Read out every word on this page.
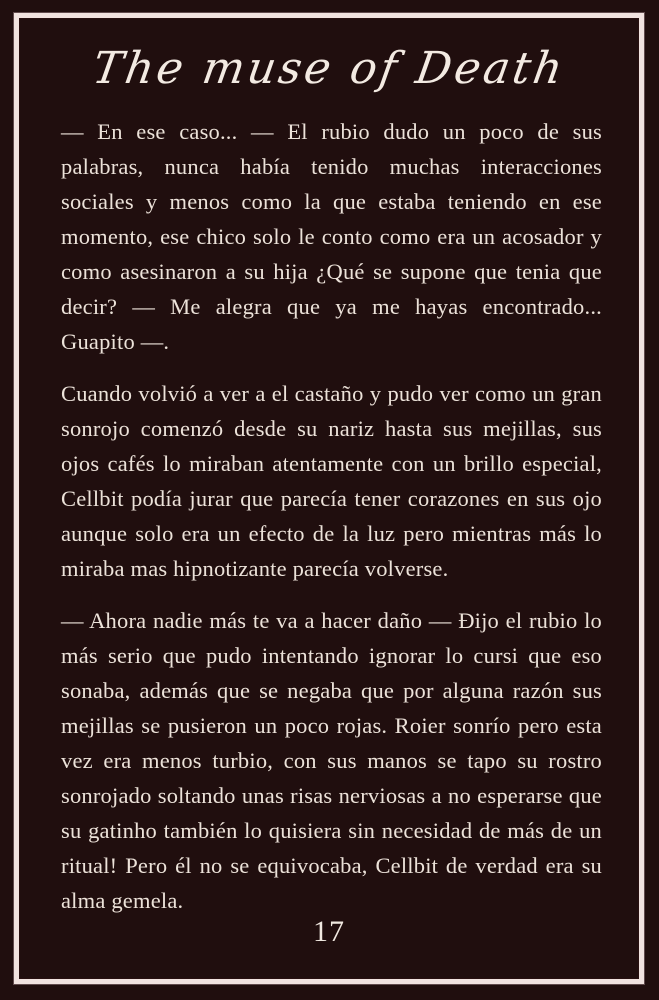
The muse of Death

— En ese caso... — El rubio dudo un poco de sus palabras, nunca había tenido muchas interacciones sociales y menos como la que estaba teniendo en ese momento, ese chico solo le conto como era un acosador y como asesinaron a su hija ¿Qué se supone que tenia que decir? — Me alegra que ya me hayas encontrado... Guapito —.

Cuando volvió a ver a el castaño y pudo ver como un gran sonrojo comenzó desde su nariz hasta sus mejillas, sus ojos cafés lo miraban atentamente con un brillo especial, Cellbit podía jurar que parecía tener corazones en sus ojo aunque solo era un efecto de la luz pero mientras más lo miraba mas hipnotizante parecía volverse.

— Ahora nadie más te va a hacer daño — Ðijo el rubio lo más serio que pudo intentando ignorar lo cursi que eso sonaba, además que se negaba que por alguna razón sus mejillas se pusieron un poco rojas. Roier sonrío pero esta vez era menos turbio, con sus manos se tapo su rostro sonrojado soltando unas risas nerviosas a no esperarse que su gatinho también lo quisiera sin necesidad de más de un ritual! Pero él no se equivocaba, Cellbit de verdad era su alma gemela.

17
